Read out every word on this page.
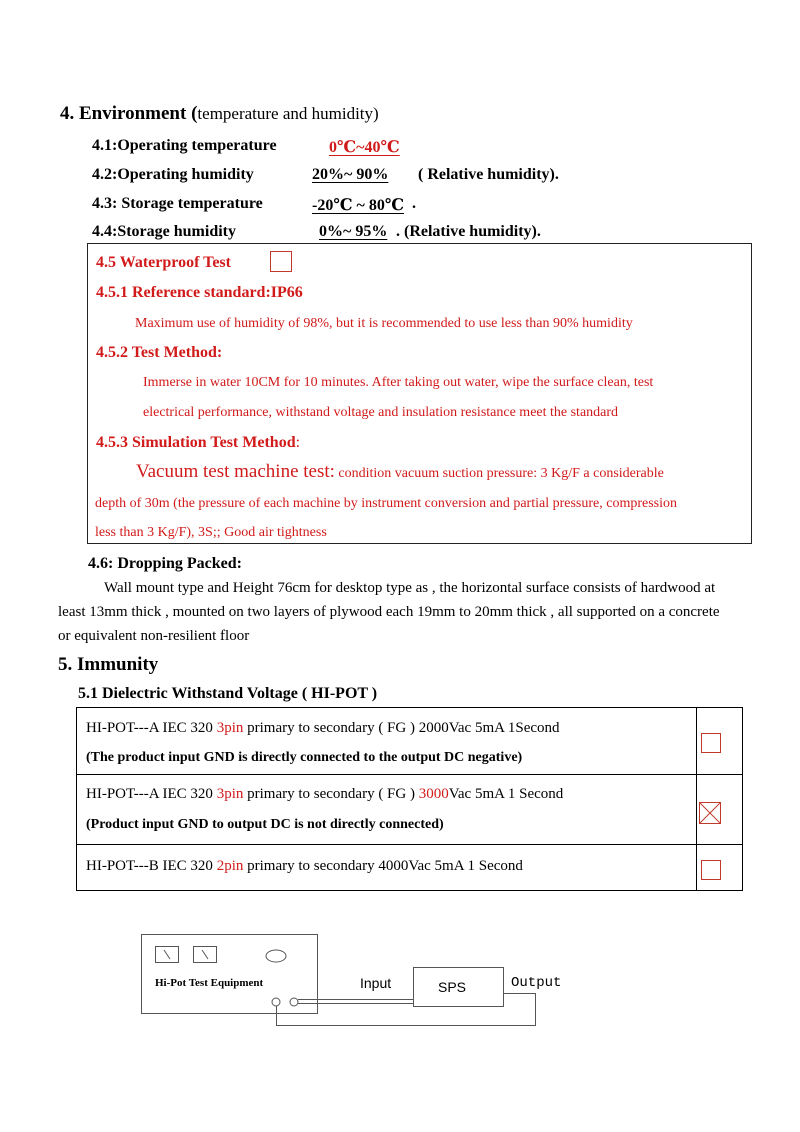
4. Environment (temperature and humidity)
4.1:Operating temperature	0℃~40℃
4.2:Operating humidity	20%~ 90% ( Relative humidity).
4.3: Storage temperature	-20℃ ~ 80℃ .
4.4:Storage humidity	0%~ 95% . (Relative humidity).
4.5 Waterproof Test
4.5.1 Reference standard:IP66
Maximum use of humidity of 98%, but it is recommended to use less than 90% humidity
4.5.2 Test Method:
Immerse in water 10CM for 10 minutes. After taking out water, wipe the surface clean, test
electrical performance, withstand voltage and insulation resistance meet the standard
4.5.3 Simulation Test Method:
Vacuum test machine test: condition vacuum suction pressure: 3 Kg/F a considerable
depth of 30m (the pressure of each machine by instrument conversion and partial pressure, compression
less than 3 Kg/F), 3S;; Good air tightness
4.6: Dropping Packed:
Wall mount type and Height 76cm for desktop type as , the horizontal surface consists of hardwood at
least 13mm thick , mounted on two layers of plywood each 19mm to 20mm thick , all supported on a concrete
or equivalent non-resilient floor
5. Immunity
5.1 Dielectric Withstand Voltage ( HI-POT )
HI-POT---A IEC 320 3pin primary to secondary ( FG ) 2000Vac 5mA 1Second
(The product input GND is directly connected to the output DC negative)
HI-POT---A IEC 320 3pin primary to secondary ( FG ) 3000Vac 5mA 1 Second
(Product input GND to output DC is not directly connected)
HI-POT---B IEC 320 2pin primary to secondary 4000Vac 5mA 1 Second
Hi-Pot Test Equipment	Input	SPS	Output
